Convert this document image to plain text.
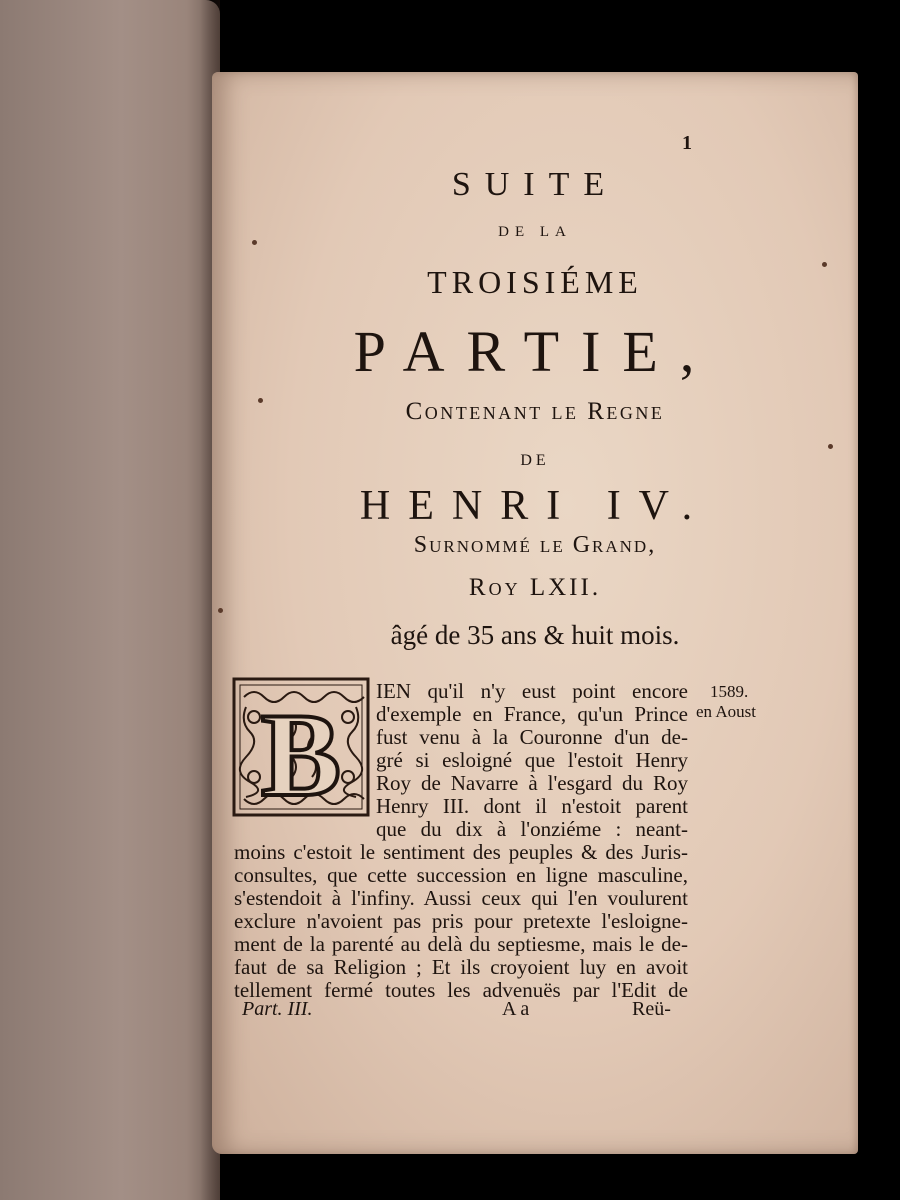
1
SUITE
DE LA
TROISIÉME
PARTIE,
Contenant le Regne
DE
HENRI IV.
Surnommé le Grand,
Roy LXII.
âgé de 35 ans & huit mois.
B IEN qu'il n'y eust point encore
d'exemple en France, qu'un Prince
fust venu à la Couronne d'un de-
gré si esloigné que l'estoit Henry
Roy de Navarre à l'esgard du Roy
Henry III. dont il n'estoit parent
que du dix à l'onziéme : neant-
moins c'estoit le sentiment des peuples & des Juris-
consultes, que cette succession en ligne masculine,
s'estendoit à l'infiny. Aussi ceux qui l'en voulurent
exclure n'avoient pas pris pour pretexte l'esloigne-
ment de la parenté au delà du septiesme, mais le de-
faut de sa Religion ; Et ils croyoient luy en avoit
tellement fermé toutes les advenuës par l'Edit de
1589.
en Aoust
Part. III.	A a	Reü-
